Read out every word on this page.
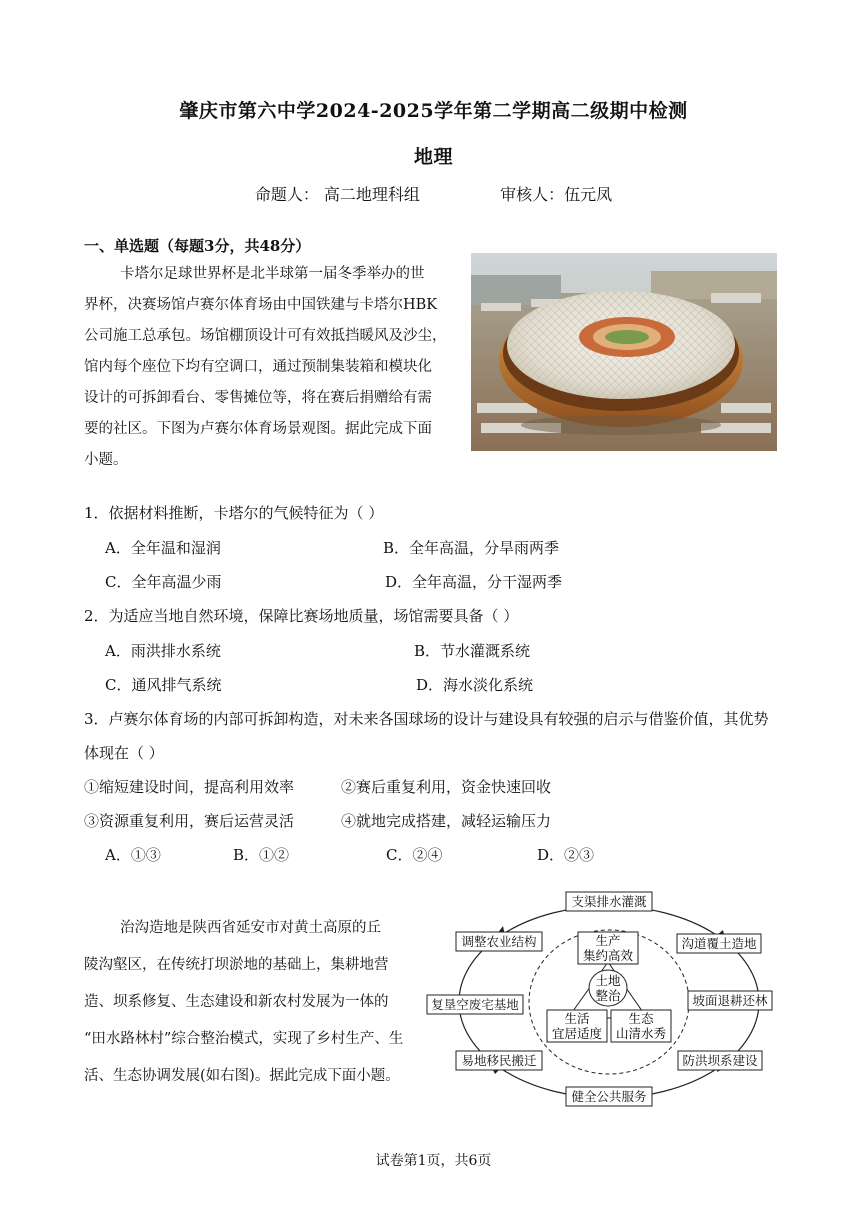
肇庆市第六中学2024-2025学年第二学期高二级期中检测
地理
命题人： 高二地理科组	审核人：伍元凤
一、单选题（每题3分，共48分）
卡塔尔足球世界杯是北半球第一届冬季举办的世
界杯，决赛场馆卢赛尔体育场由中国铁建与卡塔尔HBK
公司施工总承包。场馆棚顶设计可有效抵挡暖风及沙尘，
馆内每个座位下均有空调口，通过预制集装箱和模块化
设计的可拆卸看台、零售摊位等，将在赛后捐赠给有需
要的社区。下图为卢赛尔体育场景观图。据此完成下面
小题。
1．依据材料推断，卡塔尔的气候特征为（ ）
A．全年温和湿润	B．全年高温，分旱雨两季
C．全年高温少雨	D．全年高温，分干湿两季
2．为适应当地自然环境，保障比赛场地质量，场馆需要具备（ ）
A．雨洪排水系统	B．节水灌溉系统
C．通风排气系统	D．海水淡化系统
3．卢赛尔体育场的内部可拆卸构造，对未来各国球场的设计与建设具有较强的启示与借鉴价值，其优势
体现在（ ）
①缩短建设时间，提高利用效率	②赛后重复利用，资金快速回收
③资源重复利用，赛后运营灵活	④就地完成搭建，减轻运输压力
A．①③	B．①②	C．②④	D．②③
治沟造地是陕西省延安市对黄土高原的丘
陵沟壑区，在传统打坝淤地的基础上，集耕地营
造、坝系修复、生态建设和新农村发展为一体的
“田水路林村”综合整治模式，实现了乡村生产、生
活、生态协调发展(如右图)。据此完成下面小题。
支渠排水灌溉
沟道覆土造地
坡面退耕还林
防洪坝系建设
健全公共服务
易地移民搬迁
复垦空废宅基地
调整农业结构
土地
整治
生产
集约高效
生活
宜居适度
生态
山清水秀
试卷第1页，共6页
